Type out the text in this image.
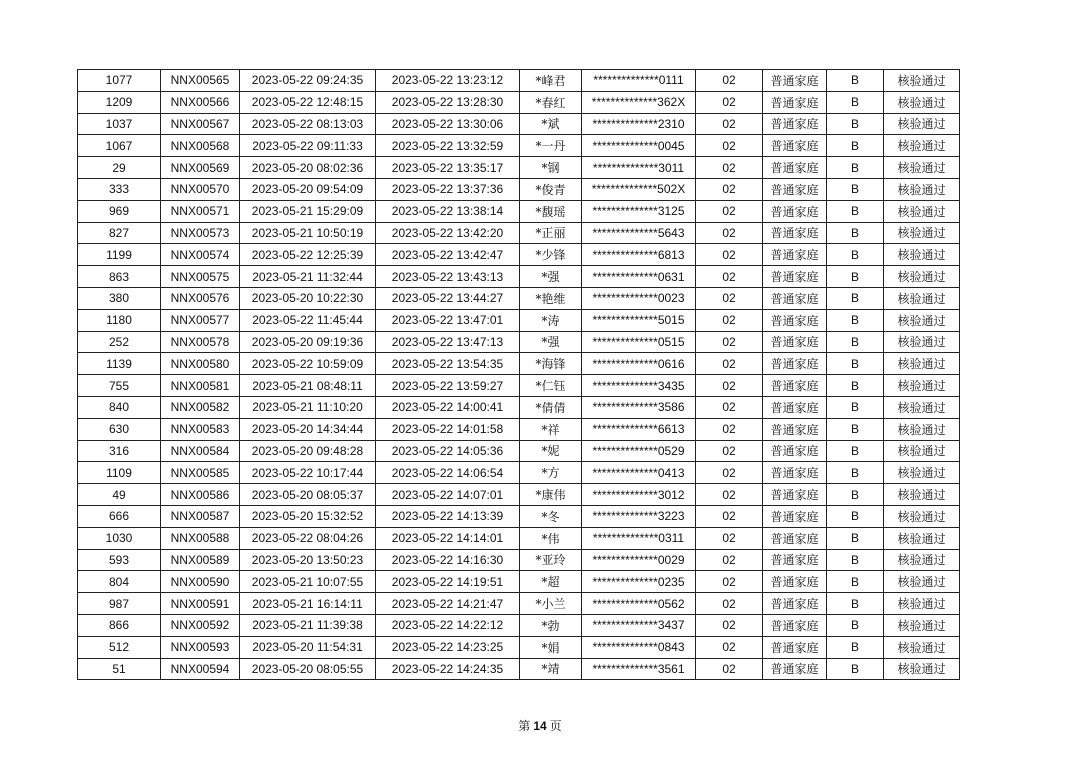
1077	NNX00565	2023-05-22 09:24:35	2023-05-22 13:23:12	*峰君	**************0111	02	普通家庭	B	核验通过
1209	NNX00566	2023-05-22 12:48:15	2023-05-22 13:28:30	*春红	**************362X	02	普通家庭	B	核验通过
1037	NNX00567	2023-05-22 08:13:03	2023-05-22 13:30:06	*斌	**************2310	02	普通家庭	B	核验通过
1067	NNX00568	2023-05-22 09:11:33	2023-05-22 13:32:59	*一丹	**************0045	02	普通家庭	B	核验通过
29	NNX00569	2023-05-20 08:02:36	2023-05-22 13:35:17	*钢	**************3011	02	普通家庭	B	核验通过
333	NNX00570	2023-05-20 09:54:09	2023-05-22 13:37:36	*俊青	**************502X	02	普通家庭	B	核验通过
969	NNX00571	2023-05-21 15:29:09	2023-05-22 13:38:14	*馥瑶	**************3125	02	普通家庭	B	核验通过
827	NNX00573	2023-05-21 10:50:19	2023-05-22 13:42:20	*正丽	**************5643	02	普通家庭	B	核验通过
1199	NNX00574	2023-05-22 12:25:39	2023-05-22 13:42:47	*少锋	**************6813	02	普通家庭	B	核验通过
863	NNX00575	2023-05-21 11:32:44	2023-05-22 13:43:13	*强	**************0631	02	普通家庭	B	核验通过
380	NNX00576	2023-05-20 10:22:30	2023-05-22 13:44:27	*艳维	**************0023	02	普通家庭	B	核验通过
1180	NNX00577	2023-05-22 11:45:44	2023-05-22 13:47:01	*涛	**************5015	02	普通家庭	B	核验通过
252	NNX00578	2023-05-20 09:19:36	2023-05-22 13:47:13	*强	**************0515	02	普通家庭	B	核验通过
1139	NNX00580	2023-05-22 10:59:09	2023-05-22 13:54:35	*海锋	**************0616	02	普通家庭	B	核验通过
755	NNX00581	2023-05-21 08:48:11	2023-05-22 13:59:27	*仁钰	**************3435	02	普通家庭	B	核验通过
840	NNX00582	2023-05-21 11:10:20	2023-05-22 14:00:41	*倩倩	**************3586	02	普通家庭	B	核验通过
630	NNX00583	2023-05-20 14:34:44	2023-05-22 14:01:58	*祥	**************6613	02	普通家庭	B	核验通过
316	NNX00584	2023-05-20 09:48:28	2023-05-22 14:05:36	*妮	**************0529	02	普通家庭	B	核验通过
1109	NNX00585	2023-05-22 10:17:44	2023-05-22 14:06:54	*方	**************0413	02	普通家庭	B	核验通过
49	NNX00586	2023-05-20 08:05:37	2023-05-22 14:07:01	*康伟	**************3012	02	普通家庭	B	核验通过
666	NNX00587	2023-05-20 15:32:52	2023-05-22 14:13:39	*冬	**************3223	02	普通家庭	B	核验通过
1030	NNX00588	2023-05-22 08:04:26	2023-05-22 14:14:01	*伟	**************0311	02	普通家庭	B	核验通过
593	NNX00589	2023-05-20 13:50:23	2023-05-22 14:16:30	*亚玲	**************0029	02	普通家庭	B	核验通过
804	NNX00590	2023-05-21 10:07:55	2023-05-22 14:19:51	*超	**************0235	02	普通家庭	B	核验通过
987	NNX00591	2023-05-21 16:14:11	2023-05-22 14:21:47	*小兰	**************0562	02	普通家庭	B	核验通过
866	NNX00592	2023-05-21 11:39:38	2023-05-22 14:22:12	*勃	**************3437	02	普通家庭	B	核验通过
512	NNX00593	2023-05-20 11:54:31	2023-05-22 14:23:25	*娟	**************0843	02	普通家庭	B	核验通过
51	NNX00594	2023-05-20 08:05:55	2023-05-22 14:24:35	*靖	**************3561	02	普通家庭	B	核验通过
第 14 页
